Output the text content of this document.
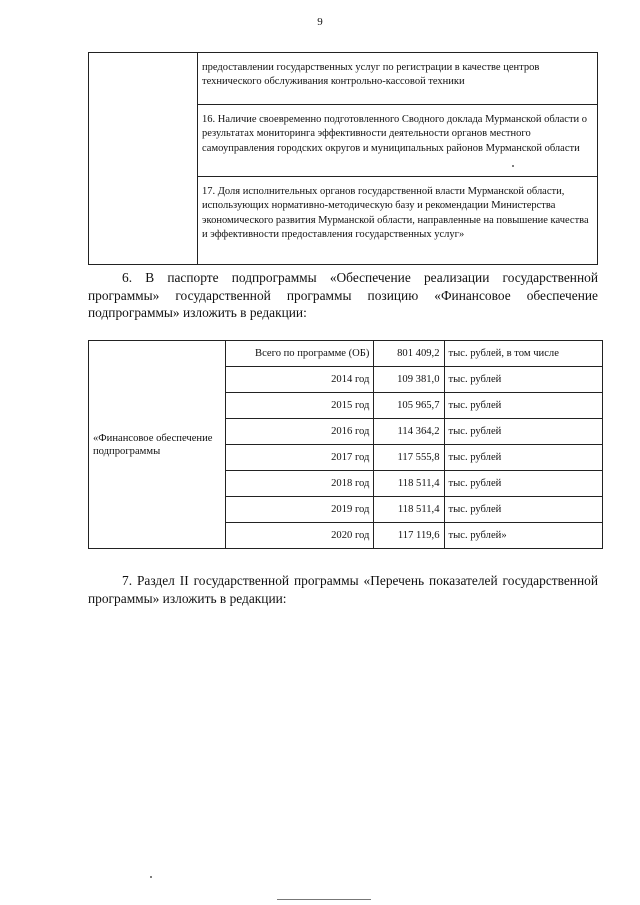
9
	предоставлении государственных услуг по регистрации в качестве центров технического обслуживания контрольно-кассовой техники
16. Наличие своевременно подготовленного Сводного доклада Мурманской области о результатах мониторинга эффективности деятельности органов местного самоуправления городских округов и муниципальных районов Мурманской области
17. Доля исполнительных органов государственной власти Мурманской области, использующих нормативно-методическую базу и рекомендации Министерства экономического развития Мурманской области, направленные на повышение качества и эффективности предоставления государственных услуг»

6. В паспорте подпрограммы «Обеспечение реализации государственной программы» государственной программы позицию «Финансовое обеспечение подпрограммы» изложить в редакции:

«Финансовое обеспечение подпрограммы	Всего по программе (ОБ)	801 409,2	тыс. рублей, в том числе
	2014 год	109 381,0	тыс. рублей
	2015 год	105 965,7	тыс. рублей
	2016 год	114 364,2	тыс. рублей
	2017 год	117 555,8	тыс. рублей
	2018 год	118 511,4	тыс. рублей
	2019 год	118 511,4	тыс. рублей
	2020 год	117 119,6	тыс. рублей»

7. Раздел II государственной программы «Перечень показателей государственной программы» изложить в редакции:
